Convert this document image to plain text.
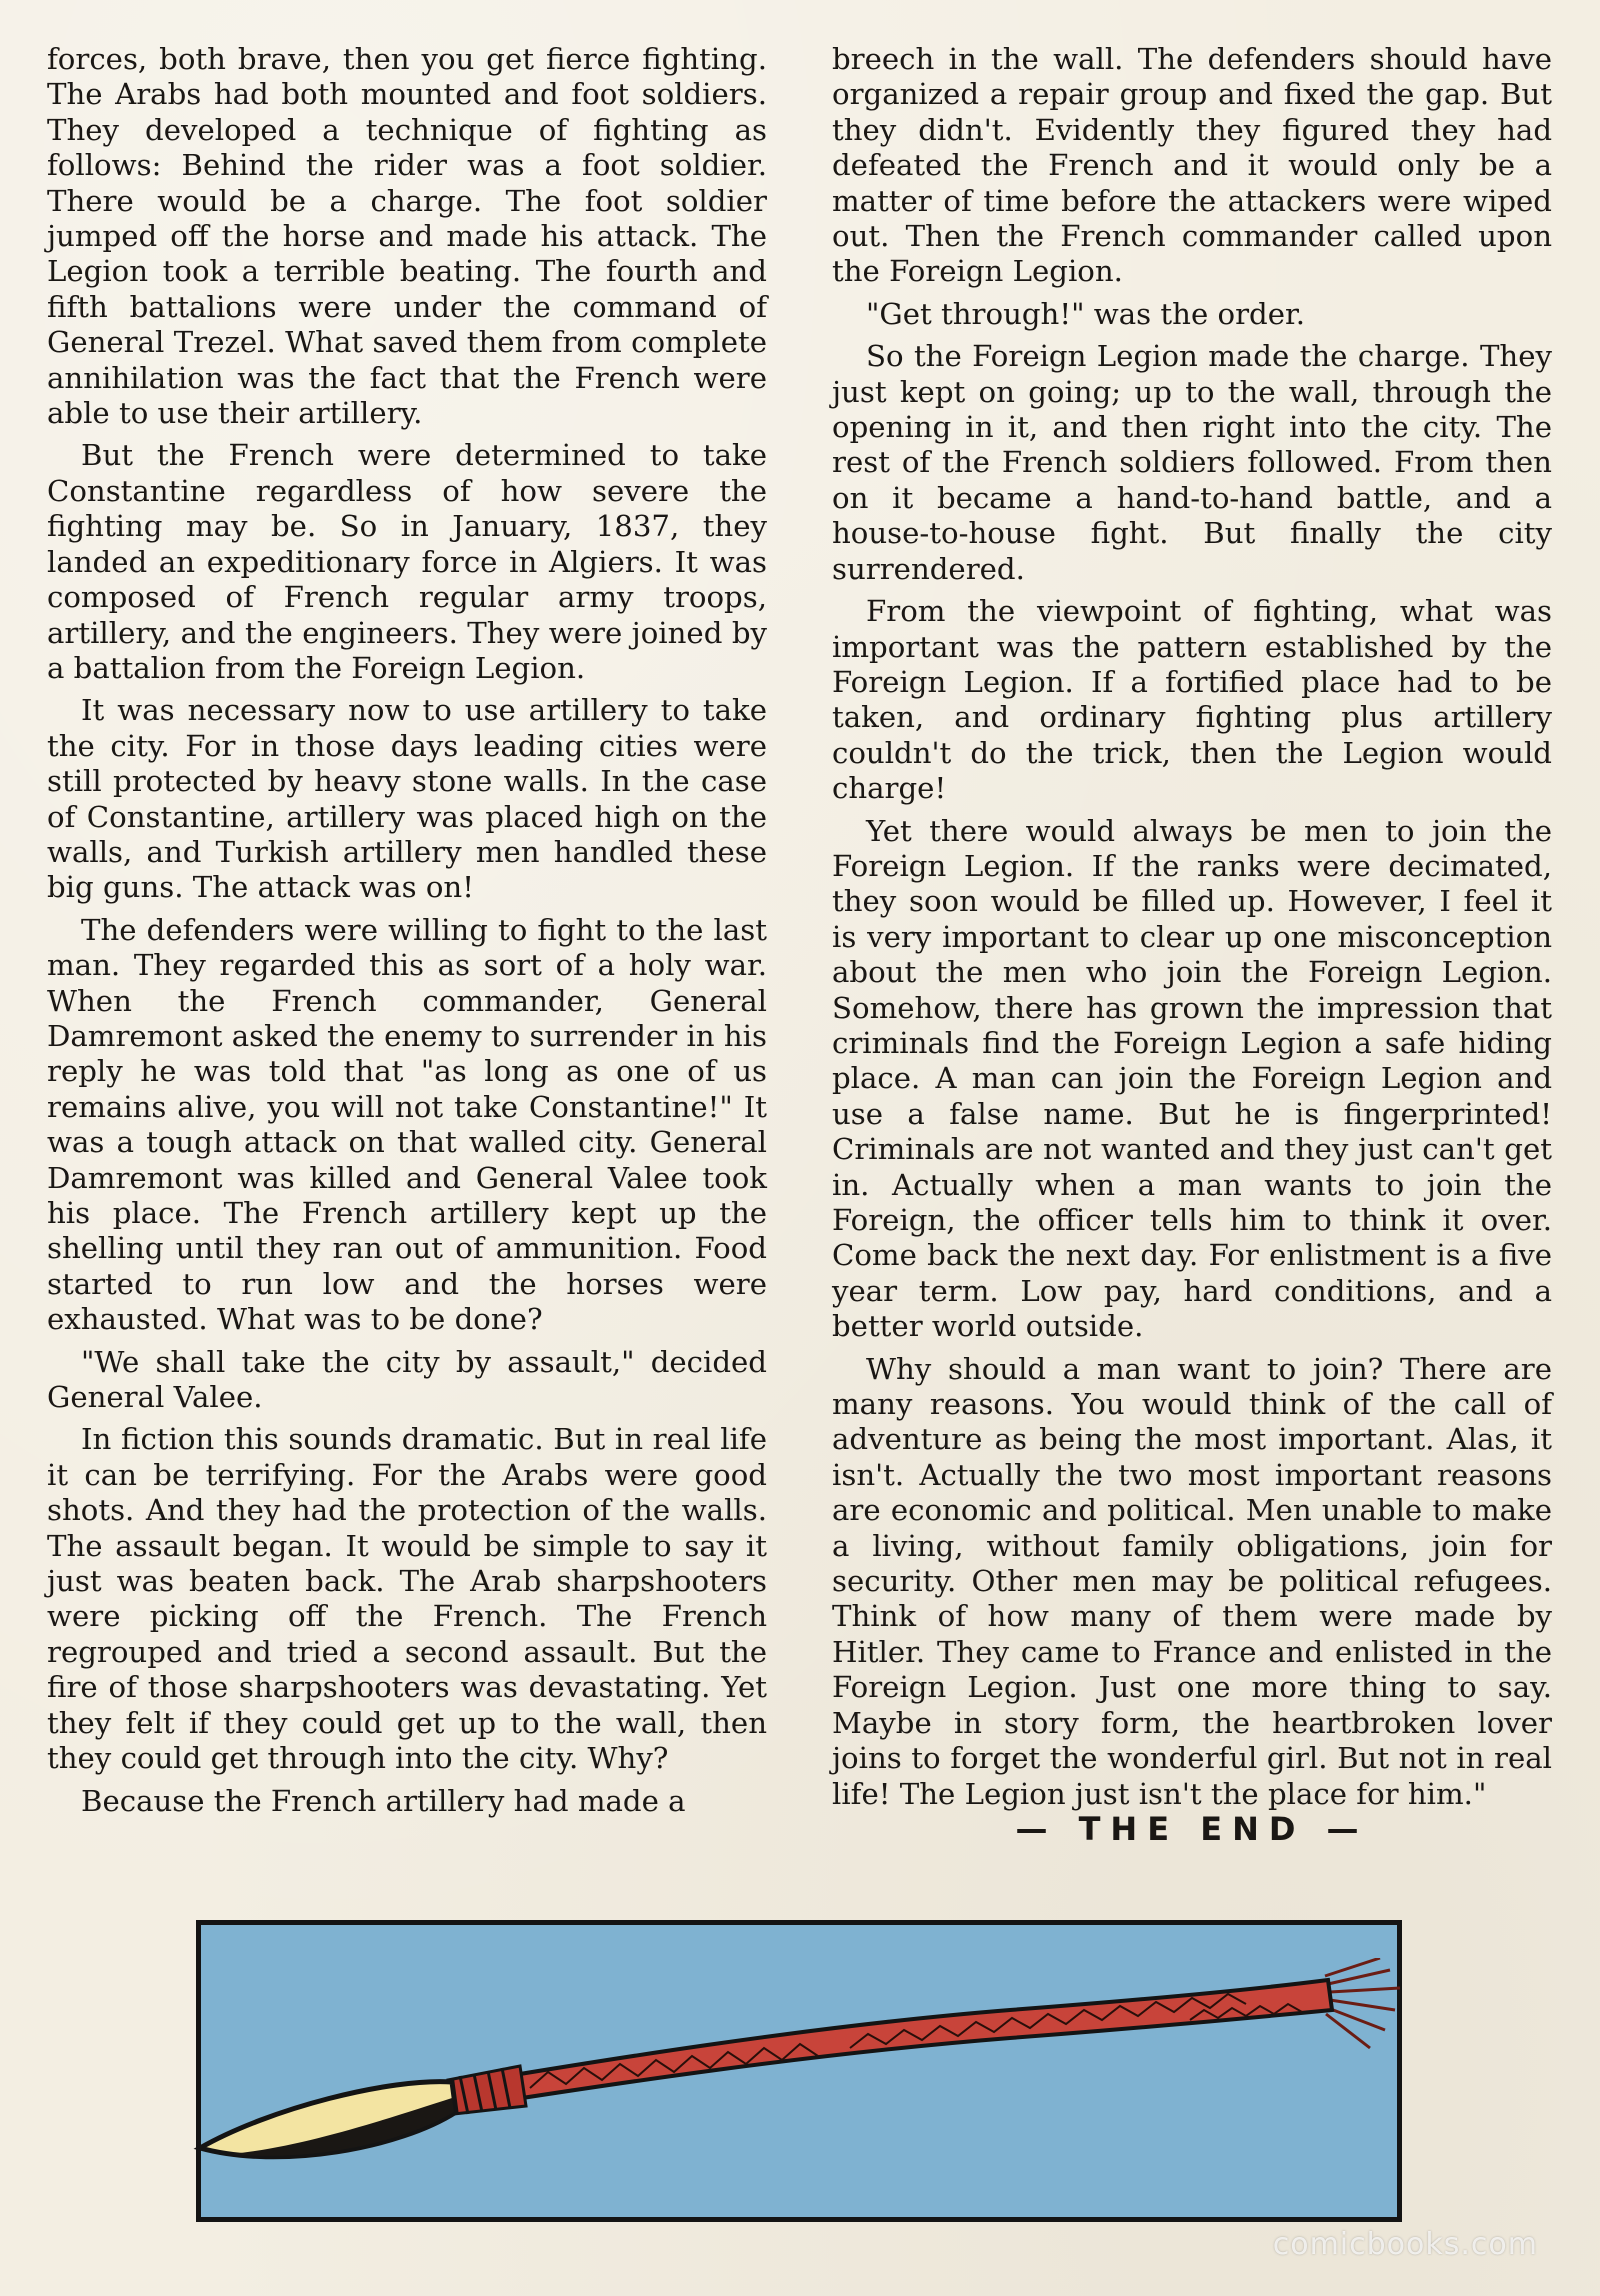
forces, both brave, then you get fierce fighting. The Arabs had both mounted and foot soldiers. They developed a technique of fighting as follows: Behind the rider was a foot soldier. There would be a charge. The foot soldier jumped off the horse and made his attack. The Legion took a terrible beating. The fourth and fifth battalions were under the command of General Trezel. What saved them from complete annihilation was the fact that the French were able to use their artillery.

But the French were determined to take Constantine regardless of how severe the fighting may be. So in January, 1837, they landed an expeditionary force in Algiers. It was composed of French regular army troops, artillery, and the engineers. They were joined by a battalion from the Foreign Legion.

It was necessary now to use artillery to take the city. For in those days leading cities were still protected by heavy stone walls. In the case of Constantine, artillery was placed high on the walls, and Turkish artillery men handled these big guns. The attack was on!

The defenders were willing to fight to the last man. They regarded this as sort of a holy war. When the French commander, General Damremont asked the enemy to surrender in his reply he was told that "as long as one of us remains alive, you will not take Constantine!" It was a tough attack on that walled city. General Damremont was killed and General Valee took his place. The French artillery kept up the shelling until they ran out of ammunition. Food started to run low and the horses were exhausted. What was to be done?

"We shall take the city by assault," decided General Valee.

In fiction this sounds dramatic. But in real life it can be terrifying. For the Arabs were good shots. And they had the protection of the walls. The assault began. It would be simple to say it just was beaten back. The Arab sharpshooters were picking off the French. The French regrouped and tried a second assault. But the fire of those sharpshooters was devastating. Yet they felt if they could get up to the wall, then they could get through into the city. Why?

Because the French artillery had made a

breech in the wall. The defenders should have organized a repair group and fixed the gap. But they didn't. Evidently they figured they had defeated the French and it would only be a matter of time before the attackers were wiped out. Then the French commander called upon the Foreign Legion.

"Get through!" was the order.

So the Foreign Legion made the charge. They just kept on going; up to the wall, through the opening in it, and then right into the city. The rest of the French soldiers followed. From then on it became a hand-to-hand battle, and a house-to-house fight. But finally the city surrendered.

From the viewpoint of fighting, what was important was the pattern established by the Foreign Legion. If a fortified place had to be taken, and ordinary fighting plus artillery couldn't do the trick, then the Legion would charge!

Yet there would always be men to join the Foreign Legion. If the ranks were decimated, they soon would be filled up. However, I feel it is very important to clear up one misconception about the men who join the Foreign Legion. Somehow, there has grown the impression that criminals find the Foreign Legion a safe hiding place. A man can join the Foreign Legion and use a false name. But he is fingerprinted! Criminals are not wanted and they just can't get in. Actually when a man wants to join the Foreign, the officer tells him to think it over. Come back the next day. For enlistment is a five year term. Low pay, hard conditions, and a better world outside.

Why should a man want to join? There are many reasons. You would think of the call of adventure as being the most important. Alas, it isn't. Actually the two most important reasons are economic and political. Men unable to make a living, without family obligations, join for security. Other men may be political refugees. Think of how many of them were made by Hitler. They came to France and enlisted in the Foreign Legion. Just one more thing to say. Maybe in story form, the heartbroken lover joins to forget the wonderful girl. But not in real life! The Legion just isn't the place for him."

— THE END —
comicbooks.com
